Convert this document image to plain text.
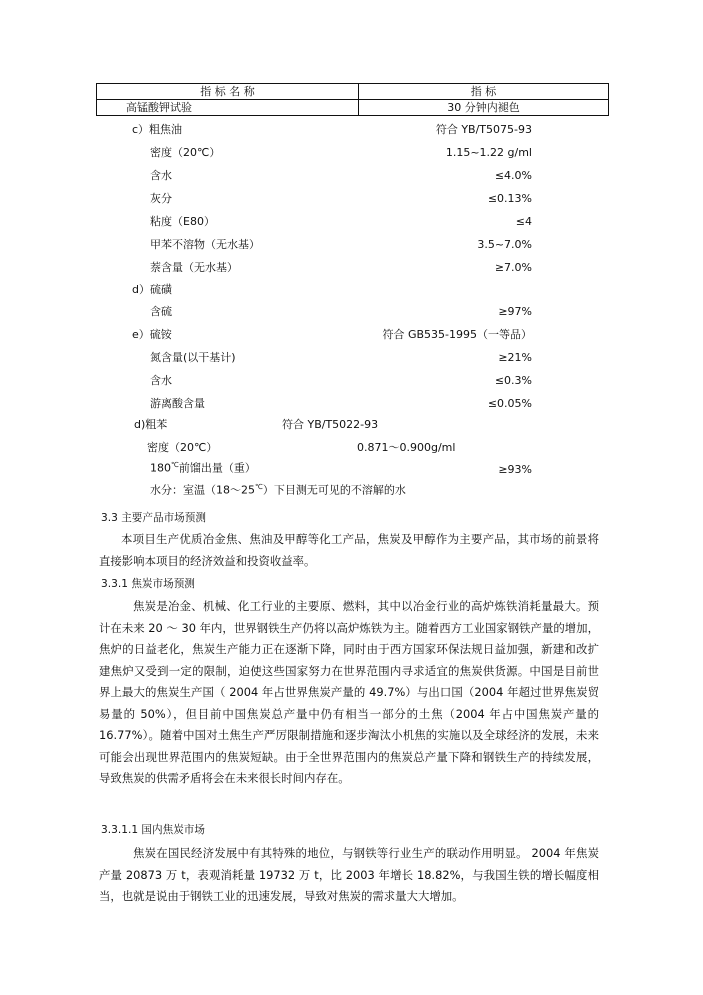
指 标 名 称	指 标
高锰酸钾试验	30 分钟内褪色
c）粗焦油	符合 YB/T5075-93
密度（20℃）	1.15~1.22 g/ml
含水	≤4.0%
灰分	≤0.13%
粘度（E80）	≤4
甲苯不溶物（无水基）	3.5~7.0%
萘含量（无水基）	≥7.0%
d）硫磺
含硫	≥97%
e）硫铵	符合 GB535-1995（一等品）
氮含量(以干基计)	≥21%
含水	≤0.3%
游离酸含量	≤0.05%
d)粗苯	符合 YB/T5022-93
密度（20℃）	0.871～0.900g/ml
180℃前馏出量（重）	≥93%
水分：室温（18～25℃）下目测无可见的不溶解的水
3.3 主要产品市场预测
本项目生产优质冶金焦、焦油及甲醇等化工产品，焦炭及甲醇作为主要产品，其市场的前景将直接影响本项目的经济效益和投资收益率。
3.3.1 焦炭市场预测
焦炭是冶金、机械、化工行业的主要原、燃料，其中以冶金行业的高炉炼铁消耗量最大。预计在未来 20 ～ 30 年内，世界钢铁生产仍将以高炉炼铁为主。随着西方工业国家钢铁产量的增加，焦炉的日益老化，焦炭生产能力正在逐渐下降，同时由于西方国家环保法规日益加强，新建和改扩建焦炉又受到一定的限制，迫使这些国家努力在世界范围内寻求适宜的焦炭供货源。中国是目前世界上最大的焦炭生产国（ 2004 年占世界焦炭产量的 49.7%）与出口国（2004 年超过世界焦炭贸易量的 50%），但目前中国焦炭总产量中仍有相当一部分的土焦（2004 年占中国焦炭产量的 16.77%）。随着中国对土焦生产严厉限制措施和逐步淘汰小机焦的实施以及全球经济的发展，未来可能会出现世界范围内的焦炭短缺。由于全世界范围内的焦炭总产量下降和钢铁生产的持续发展，导致焦炭的供需矛盾将会在未来很长时间内存在。
3.3.1.1 国内焦炭市场
焦炭在国民经济发展中有其特殊的地位，与钢铁等行业生产的联动作用明显。 2004 年焦炭产量 20873 万 t，表观消耗量 19732 万 t，比 2003 年增长 18.82%，与我国生铁的增长幅度相当，也就是说由于钢铁工业的迅速发展，导致对焦炭的需求量大大增加。
